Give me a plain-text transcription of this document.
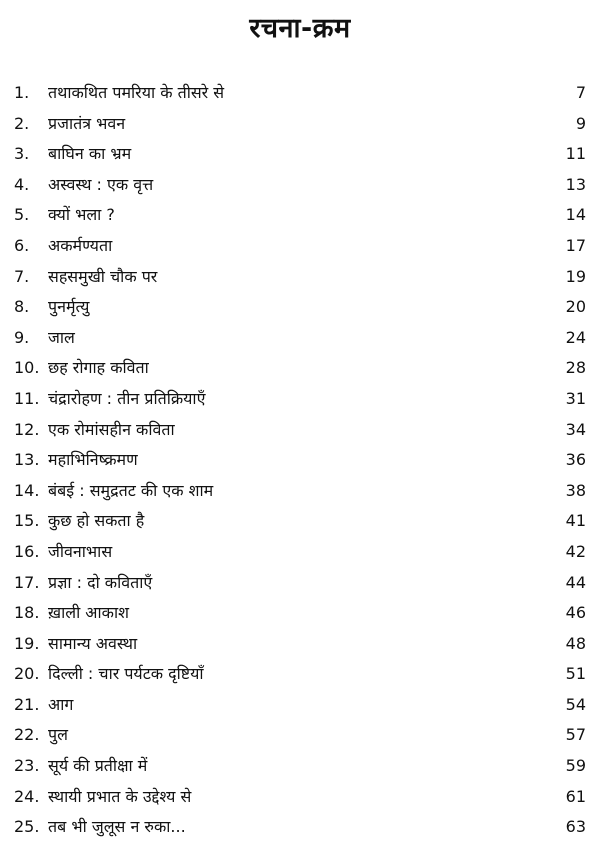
रचना-क्रम
1.	तथाकथित पमरिया के तीसरे से	7
2.	प्रजातंत्र भवन	9
3.	बाघिन का भ्रम	11
4.	अस्वस्थ : एक वृत्त	13
5.	क्यों भला ?	14
6.	अकर्मण्यता	17
7.	सहसमुखी चौक पर	19
8.	पुनर्मृत्यु	20
9.	जाल	24
10. छह रोगाह कविता	28
11. चंद्रारोहण : तीन प्रतिक्रियाएँ	31
12. एक रोमांसहीन कविता	34
13. महाभिनिष्क्रमण	36
14. बंबई : समुद्रतट की एक शाम	38
15. कुछ हो सकता है	41
16. जीवनाभास	42
17. प्रज्ञा : दो कविताएँ	44
18. ख़ाली आकाश	46
19. सामान्य अवस्था	48
20. दिल्ली : चार पर्यटक दृष्टियाँ	51
21. आग	54
22. पुल	57
23. सूर्य की प्रतीक्षा में	59
24. स्थायी प्रभात के उद्देश्य से	61
25. तब भी जुलूस न रुका...	63
